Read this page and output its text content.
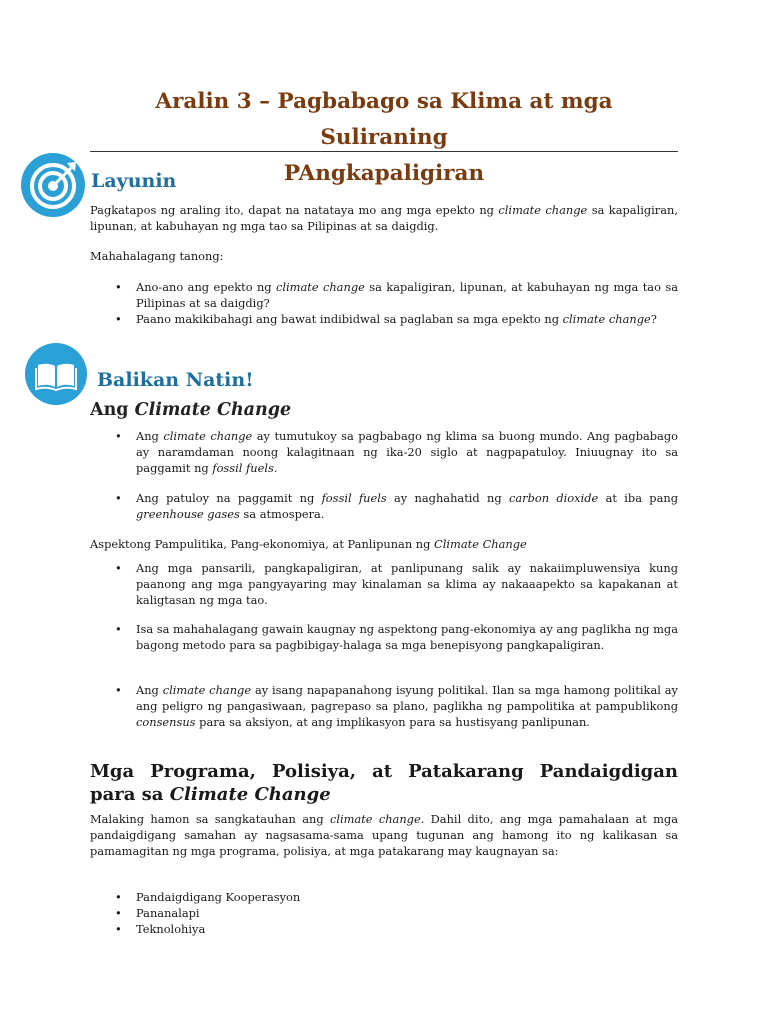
Aralin 3 – Pagbabago sa Klima at mga Suliraning
PAngkapaligiran
Layunin
Pagkatapos ng araling ito, dapat na natataya mo ang mga epekto ng climate change sa kapaligiran, lipunan, at kabuhayan ng mga tao sa Pilipinas at sa daigdig.
Mahahalagang tanong:
• Ano-ano ang epekto ng climate change sa kapaligiran, lipunan, at kabuhayan ng mga tao sa Pilipinas at sa daigdig?
• Paano makikibahagi ang bawat indibidwal sa paglaban sa mga epekto ng climate change?
Balikan Natin!
Ang Climate Change
• Ang climate change ay tumutukoy sa pagbabago ng klima sa buong mundo. Ang pagbabago ay naramdaman noong kalagitnaan ng ika-20 siglo at nagpapatuloy. Iniuugnay ito sa paggamit ng fossil fuels.
• Ang patuloy na paggamit ng fossil fuels ay naghahatid ng carbon dioxide at iba pang greenhouse gases sa atmospera.
Aspektong Pampulitika, Pang-ekonomiya, at Panlipunan ng Climate Change
• Ang mga pansarili, pangkapaligiran, at panlipunang salik ay nakaiimpluwensiya kung paanong ang mga pangyayaring may kinalaman sa klima ay nakaaapekto sa kapakanan at kaligtasan ng mga tao.
• Isa sa mahahalagang gawain kaugnay ng aspektong pang-ekonomiya ay ang paglikha ng mga bagong metodo para sa pagbibigay-halaga sa mga benepisyong pangkapaligiran.
• Ang climate change ay isang napapanahong isyung politikal. Ilan sa mga hamong politikal ay ang peligro ng pangasiwaan, pagrepaso sa plano, paglikha ng pampolitika at pampublikong consensus para sa aksiyon, at ang implikasyon para sa hustisyang panlipunan.
Mga Programa, Polisiya, at Patakarang Pandaigdigan
para sa Climate Change
Malaking hamon sa sangkatauhan ang climate change. Dahil dito, ang mga pamahalaan at mga pandaigdigang samahan ay nagsasama-sama upang tugunan ang hamong ito ng kalikasan sa pamamagitan ng mga programa, polisiya, at mga patakarang may kaugnayan sa:
• Pandaigdigang Kooperasyon
• Pananalapi
• Teknolohiya
